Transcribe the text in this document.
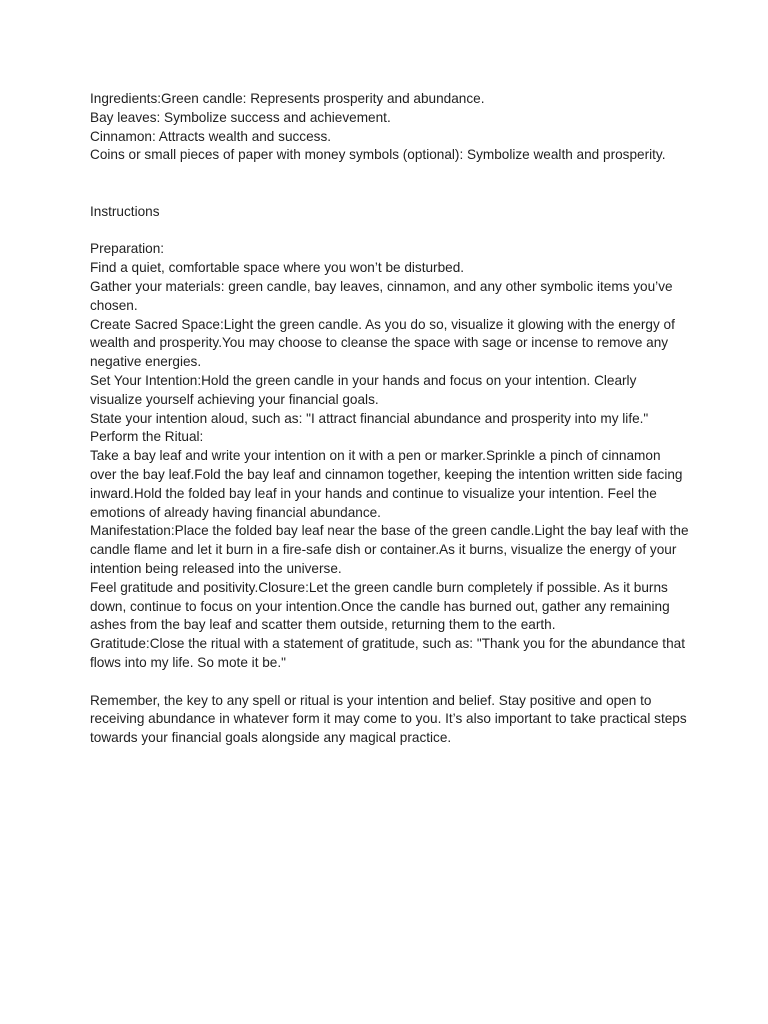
Ingredients:Green candle: Represents prosperity and abundance.

Bay leaves: Symbolize success and achievement.

Cinnamon: Attracts wealth and success.

Coins or small pieces of paper with money symbols (optional): Symbolize wealth and prosperity.

Instructions

Preparation:

Find a quiet, comfortable space where you won’t be disturbed.

Gather your materials: green candle, bay leaves, cinnamon, and any other symbolic items you’ve chosen.

Create Sacred Space:Light the green candle. As you do so, visualize it glowing with the energy of wealth and prosperity.You may choose to cleanse the space with sage or incense to remove any negative energies.

Set Your Intention:Hold the green candle in your hands and focus on your intention. Clearly visualize yourself achieving your financial goals.

State your intention aloud, such as: "I attract financial abundance and prosperity into my life."

Perform the Ritual:

Take a bay leaf and write your intention on it with a pen or marker.Sprinkle a pinch of cinnamon over the bay leaf.Fold the bay leaf and cinnamon together, keeping the intention written side facing inward.Hold the folded bay leaf in your hands and continue to visualize your intention. Feel the emotions of already having financial abundance.

Manifestation:Place the folded bay leaf near the base of the green candle.Light the bay leaf with the candle flame and let it burn in a fire-safe dish or container.As it burns, visualize the energy of your intention being released into the universe.

Feel gratitude and positivity.Closure:Let the green candle burn completely if possible. As it burns down, continue to focus on your intention.Once the candle has burned out, gather any remaining ashes from the bay leaf and scatter them outside, returning them to the earth.

Gratitude:Close the ritual with a statement of gratitude, such as: "Thank you for the abundance that flows into my life. So mote it be."

Remember, the key to any spell or ritual is your intention and belief. Stay positive and open to receiving abundance in whatever form it may come to you. It’s also important to take practical steps towards your financial goals alongside any magical practice.
